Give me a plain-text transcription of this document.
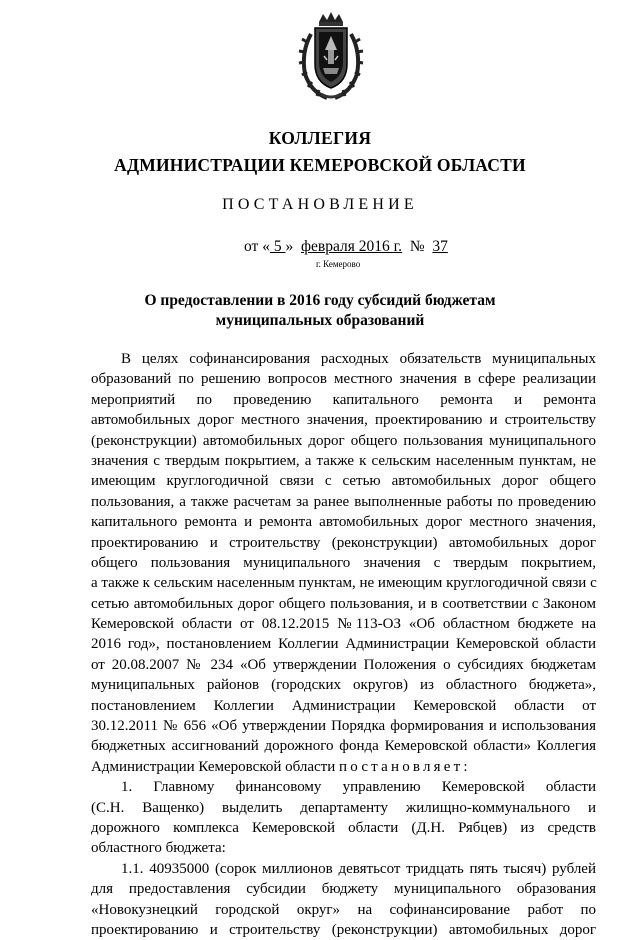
КОЛЛЕГИЯ
АДМИНИСТРАЦИИ КЕМЕРОВСКОЙ ОБЛАСТИ
ПОСТАНОВЛЕНИЕ
от « 5 »  февраля 2016 г.  №  37
г. Кемерово
О предоставлении в 2016 году субсидий бюджетам
муниципальных образований
В целях софинансирования расходных обязательств муниципальных
образований по решению вопросов местного значения в сфере реализации
мероприятий по проведению капитального ремонта и ремонта
автомобильных дорог местного значения, проектированию и строительству
(реконструкции) автомобильных дорог общего пользования муниципального
значения с твердым покрытием, а также к сельским населенным пунктам, не
имеющим круглогодичной связи с сетью автомобильных дорог общего
пользования, а также расчетам за ранее выполненные работы по проведению
капитального ремонта и ремонта автомобильных дорог местного значения,
проектированию и строительству (реконструкции) автомобильных дорог
общего пользования муниципального значения с твердым покрытием,
а также к сельским населенным пунктам, не имеющим круглогодичной связи с
сетью автомобильных дорог общего пользования, и в соответствии с Законом
Кемеровской области от 08.12.2015 №113-ОЗ «Об областном бюджете на
2016 год», постановлением Коллегии Администрации Кемеровской области
от 20.08.2007 № 234 «Об утверждении Положения о субсидиях бюджетам
муниципальных районов (городских округов) из областного бюджета»,
постановлением Коллегии Администрации Кемеровской области от
30.12.2011 № 656 «Об утверждении Порядка формирования и использования
бюджетных ассигнований дорожного фонда Кемеровской области» Коллегия
Администрации Кемеровской области постановляет:
1. Главному финансовому управлению Кемеровской области
(С.Н. Ващенко) выделить департаменту жилищно-коммунального и
дорожного комплекса Кемеровской области (Д.Н. Рябцев) из средств
областного бюджета:
1.1. 40935000 (сорок миллионов девятьсот тридцать пять тысяч) рублей
для предоставления субсидии бюджету муниципального образования
«Новокузнецкий городской округ» на софинансирование работ по
проектированию и строительству (реконструкции) автомобильных дорог
